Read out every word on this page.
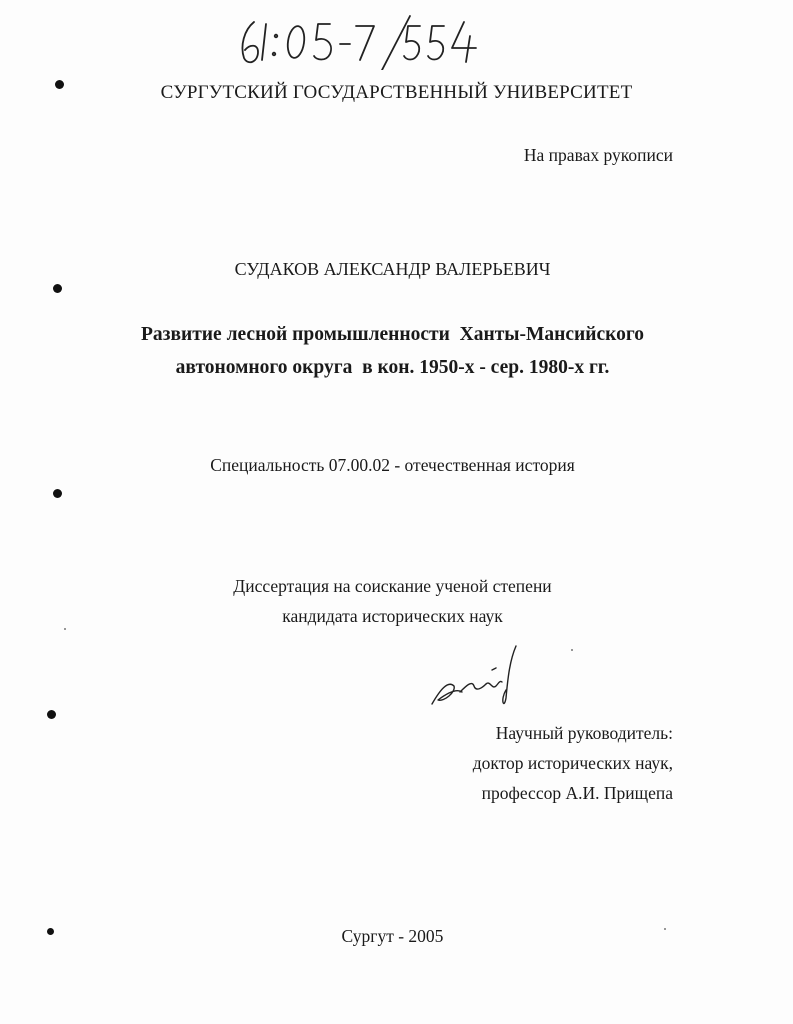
СУРГУТСКИЙ ГОСУДАРСТВЕННЫЙ УНИВЕРСИТЕТ
На правах рукописи
СУДАКОВ АЛЕКСАНДР ВАЛЕРЬЕВИЧ
Развитие лесной промышленности  Ханты-Мансийского
автономного округа  в кон. 1950-х - сер. 1980-х гг.
Специальность 07.00.02 - отечественная история
Диссертация на соискание ученой степени
кандидата исторических наук
Научный руководитель:
доктор исторических наук,
профессор А.И. Прищепа
Сургут - 2005
